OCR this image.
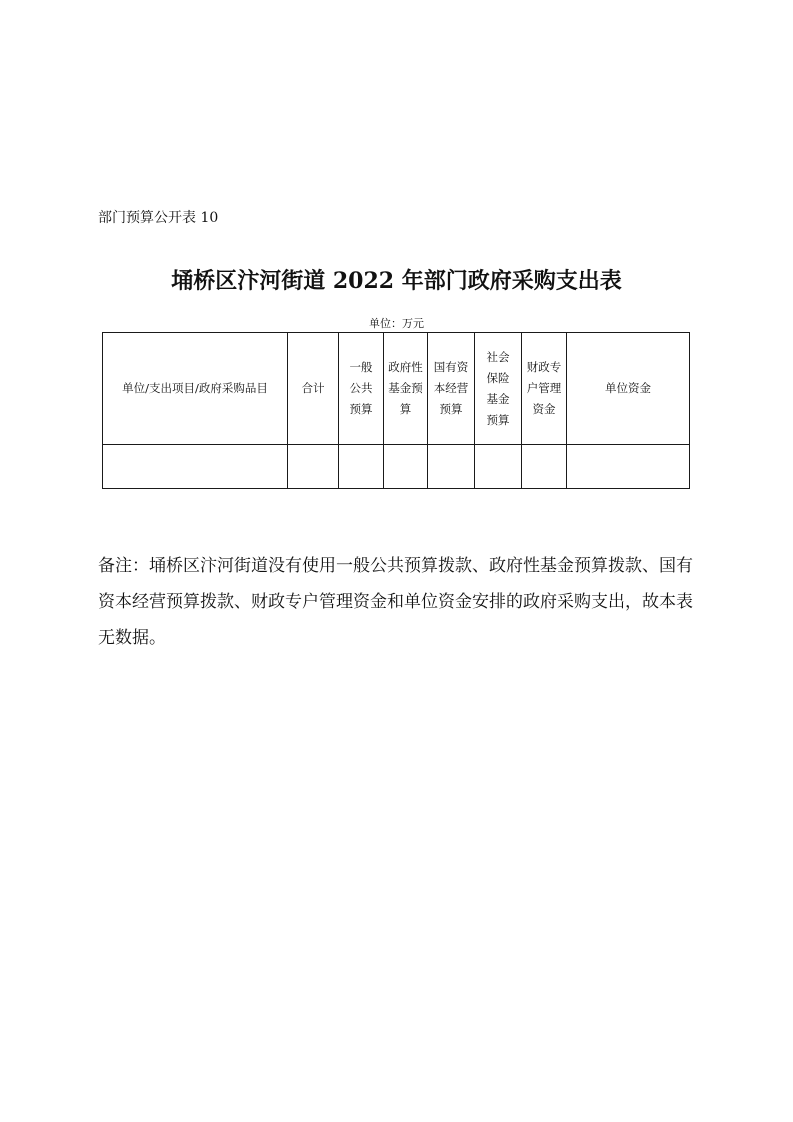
部门预算公开表 10
埇桥区汴河街道 2022 年部门政府采购支出表
单位：万元
单位/支出项目/政府采购品目	合计	一般公共预算	政府性基金预算	国有资本经营预算	社会保险基金预算	财政专户管理资金	单位资金

备注：埇桥区汴河街道没有使用一般公共预算拨款、政府性基金预算拨款、国有资本经营预算拨款、财政专户管理资金和单位资金安排的政府采购支出，故本表无数据。
